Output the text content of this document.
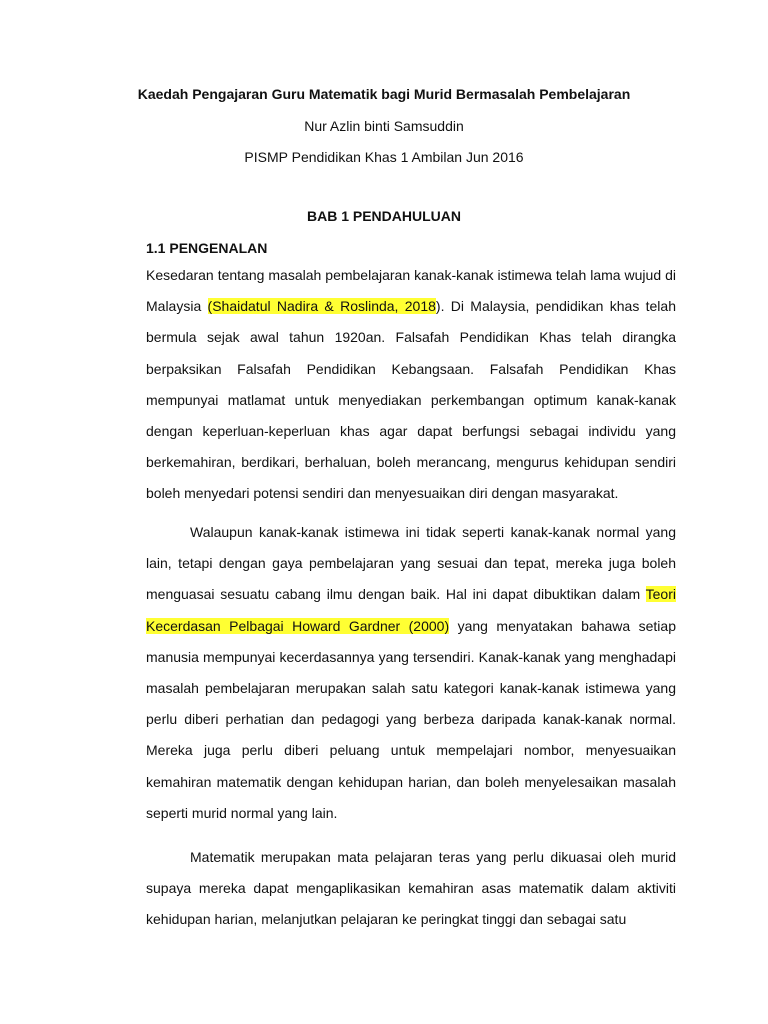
Kaedah Pengajaran Guru Matematik bagi Murid Bermasalah Pembelajaran
Nur Azlin binti Samsuddin
PISMP Pendidikan Khas 1 Ambilan Jun 2016
BAB 1 PENDAHULUAN
1.1 PENGENALAN

Kesedaran tentang masalah pembelajaran kanak-kanak istimewa telah lama wujud di Malaysia (Shaidatul Nadira & Roslinda, 2018). Di Malaysia, pendidikan khas telah bermula sejak awal tahun 1920an. Falsafah Pendidikan Khas telah dirangka berpaksikan Falsafah Pendidikan Kebangsaan. Falsafah Pendidikan Khas mempunyai matlamat untuk menyediakan perkembangan optimum kanak-kanak dengan keperluan-keperluan khas agar dapat berfungsi sebagai individu yang berkemahiran, berdikari, berhaluan, boleh merancang, mengurus kehidupan sendiri boleh menyedari potensi sendiri dan menyesuaikan diri dengan masyarakat.

Walaupun kanak-kanak istimewa ini tidak seperti kanak-kanak normal yang lain, tetapi dengan gaya pembelajaran yang sesuai dan tepat, mereka juga boleh menguasai sesuatu cabang ilmu dengan baik. Hal ini dapat dibuktikan dalam Teori Kecerdasan Pelbagai Howard Gardner (2000) yang menyatakan bahawa setiap manusia mempunyai kecerdasannya yang tersendiri. Kanak-kanak yang menghadapi masalah pembelajaran merupakan salah satu kategori kanak-kanak istimewa yang perlu diberi perhatian dan pedagogi yang berbeza daripada kanak-kanak normal. Mereka juga perlu diberi peluang untuk mempelajari nombor, menyesuaikan kemahiran matematik dengan kehidupan harian, dan boleh menyelesaikan masalah seperti murid normal yang lain.

Matematik merupakan mata pelajaran teras yang perlu dikuasai oleh murid supaya mereka dapat mengaplikasikan kemahiran asas matematik dalam aktiviti kehidupan harian, melanjutkan pelajaran ke peringkat tinggi dan sebagai satu
